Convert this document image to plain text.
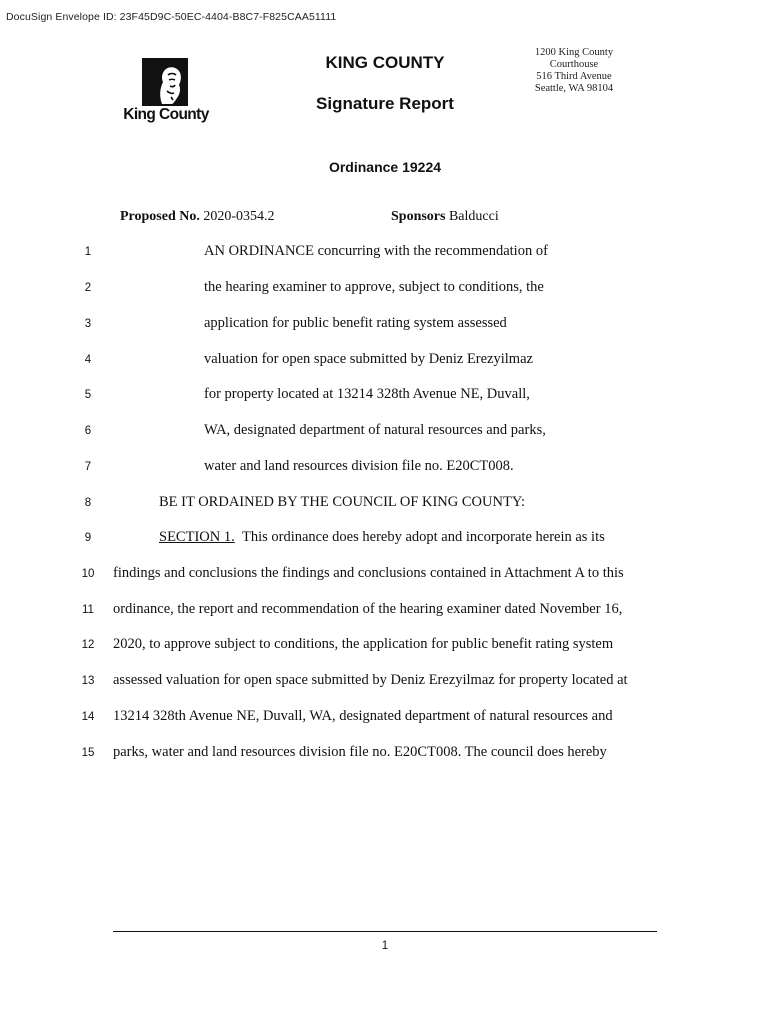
DocuSign Envelope ID: 23F45D9C-50EC-4404-B8C7-F825CAA51111
King County
KING COUNTY
Signature Report
Ordinance 19224
1200 King County Courthouse
516 Third Avenue
Seattle, WA 98104
Proposed No. 2020-0354.2	Sponsors Balducci
1	AN ORDINANCE concurring with the recommendation of
2	the hearing examiner to approve, subject to conditions, the
3	application for public benefit rating system assessed
4	valuation for open space submitted by Deniz Erezyilmaz
5	for property located at 13214 328th Avenue NE, Duvall,
6	WA, designated department of natural resources and parks,
7	water and land resources division file no. E20CT008.
8	BE IT ORDAINED BY THE COUNCIL OF KING COUNTY:
9	SECTION 1. This ordinance does hereby adopt and incorporate herein as its
10	findings and conclusions the findings and conclusions contained in Attachment A to this
11	ordinance, the report and recommendation of the hearing examiner dated November 16,
12	2020, to approve subject to conditions, the application for public benefit rating system
13	assessed valuation for open space submitted by Deniz Erezyilmaz for property located at
14	13214 328th Avenue NE, Duvall, WA, designated department of natural resources and
15	parks, water and land resources division file no. E20CT008. The council does hereby
1
